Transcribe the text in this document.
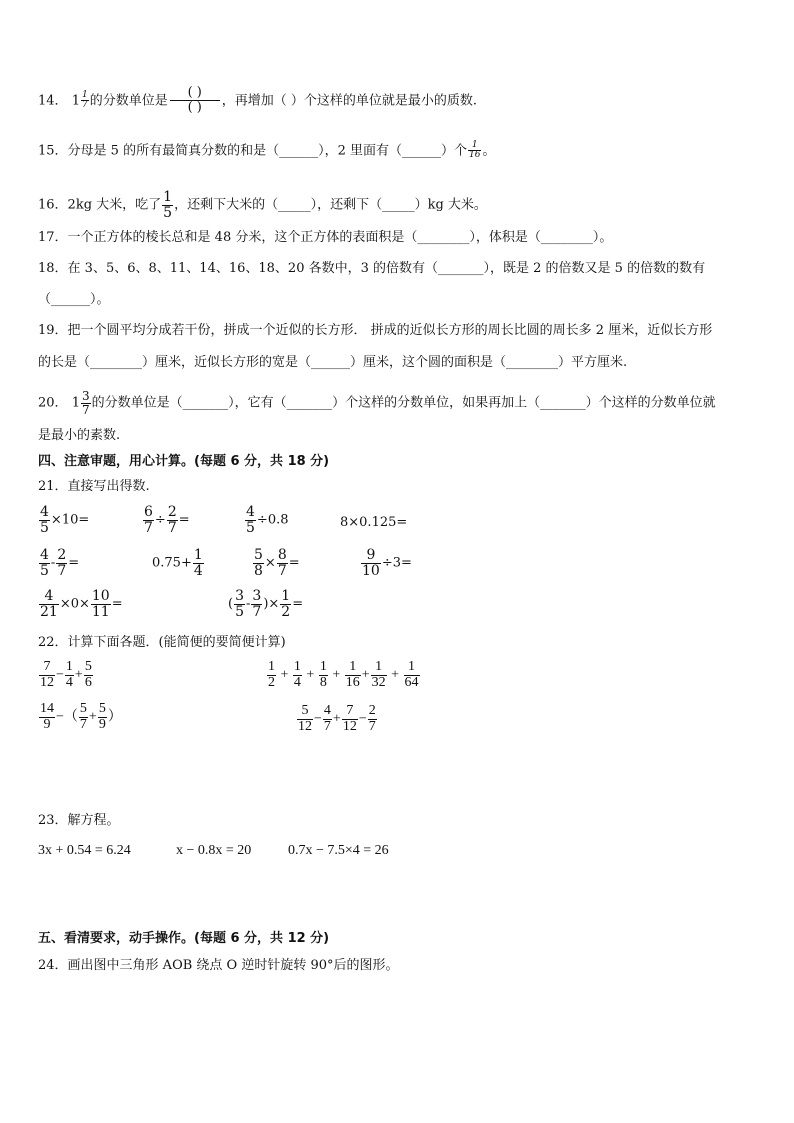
14． $1 \frac{1}{7}$ 的分数单位是 $\frac{( )}{( )}$ ，再增加（ ）个这样的单位就是最小的质数.
15．分母是 5 的所有最简真分数的和是（______），2 里面有（______）个 $\frac{1}{16}$ 。
16．2kg 大米，吃了 $\frac{1}{5}$ ，还剩下大米的（_____），还剩下（_____）kg 大米。
17．一个正方体的棱长总和是 48 分米，这个正方体的表面积是（________），体积是（________）。
18．在 3、5、6、8、11、14、16、18、20 各数中，3 的倍数有（_______），既是 2 的倍数又是 5 的倍数的数有
（______）。
19．把一个圆平均分成若干份，拼成一个近似的长方形． 拼成的近似长方形的周长比圆的周长多 2 厘米，近似长方形
的长是（________）厘米，近似长方形的宽是（______）厘米，这个圆的面积是（________）平方厘米.
20． $1 \frac{3}{7}$ 的分数单位是（_______），它有（_______）个这样的分数单位，如果再加上（_______）个这样的分数单位就
是最小的素数.
四、注意审题，用心计算。(每题 6 分，共 18 分)
21．直接写出得数.
$\frac{4}{5} \times 10=$	$\frac{6}{7} \div \frac{2}{7}$ =	$\frac{4}{5} \div 0.8$	8×0.125=
$\frac{4}{5} - \frac{2}{7}$ =	$0.75+ \frac{1}{4}$	$\frac{5}{8} \times \frac{8}{7}$ =	$\frac{9}{10} \div 3=$
$\frac{4}{21} \times 0\times \frac{10}{11}$ =	( $\frac{3}{5} - \frac{3}{7}$ )× $\frac{1}{2}$ =
22．计算下面各题．(能简便的要简便计算)
$\frac{7}{12} - \frac{1}{4} + \frac{5}{6}$	$\frac{1}{2} + \frac{1}{4} + \frac{1}{8} + \frac{1}{16} + \frac{1}{32} + \frac{1}{64}$
$\frac{14}{9}$ −（ $\frac{5}{7} + \frac{5}{9}$ ）	$\frac{5}{12} - \frac{4}{7} + \frac{7}{12} - \frac{2}{7}$
23．解方程。
3x + 0.54 = 6.24	x − 0.8x = 20	0.7x − 7.5×4 = 26
五、看清要求，动手操作。(每题 6 分，共 12 分)
24．画出图中三角形 AOB 绕点 O 逆时针旋转 90°后的图形。
